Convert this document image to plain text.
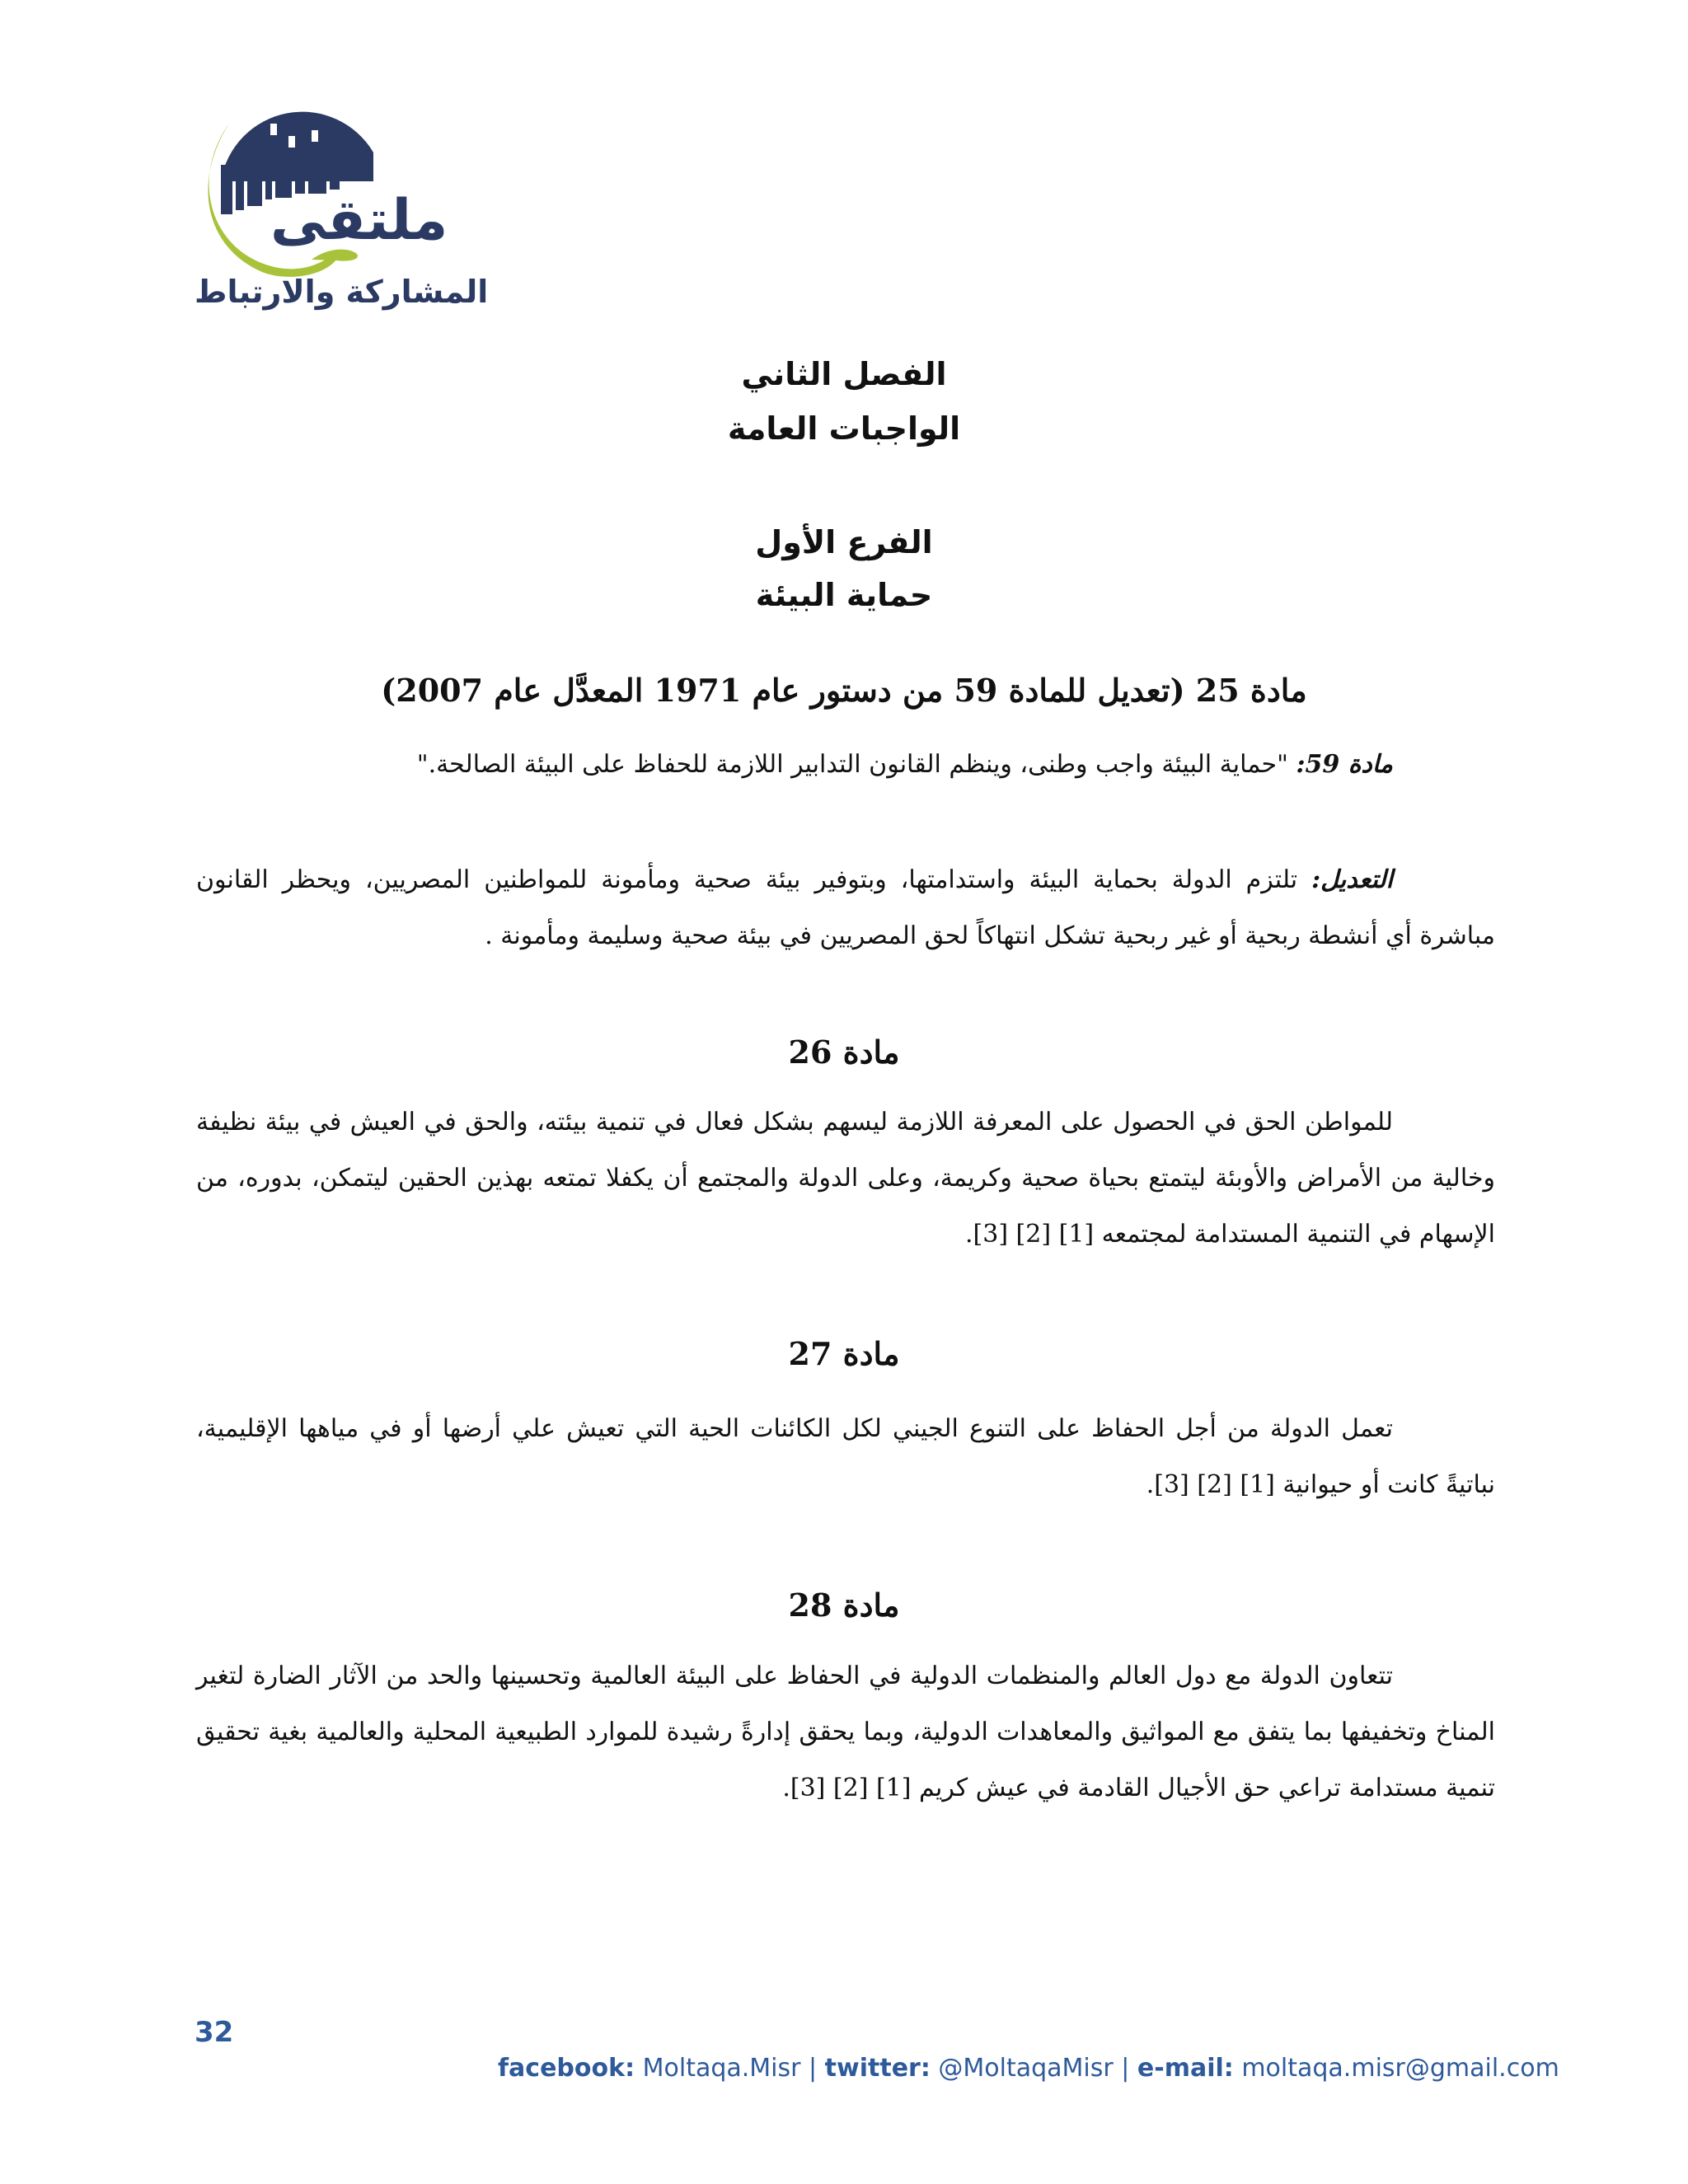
ملتقى
المشاركة والارتباط
الفصل الثاني
الواجبات العامة
الفرع الأول
حماية البيئة
مادة 25 (تعديل للمادة 59 من دستور عام 1971 المعدَّل عام 2007)
مادة 59: "حماية البيئة واجب وطنى، وينظم القانون التدابير اللازمة للحفاظ على البيئة الصالحة."
التعديل: تلتزم الدولة بحماية البيئة واستدامتها، وبتوفير بيئة صحية ومأمونة للمواطنين المصريين، ويحظر القانون مباشرة أي أنشطة ربحية أو غير ربحية تشكل انتهاكاً لحق المصريين في بيئة صحية وسليمة ومأمونة .
مادة 26
للمواطن الحق في الحصول على المعرفة اللازمة ليسهم بشكل فعال في تنمية بيئته، والحق في العيش في بيئة نظيفة وخالية من الأمراض والأوبئة ليتمتع بحياة صحية وكريمة، وعلى الدولة والمجتمع أن يكفلا تمتعه بهذين الحقين ليتمكن، بدوره، من الإسهام في التنمية المستدامة لمجتمعه [1] [2] [3].
مادة 27
تعمل الدولة من أجل الحفاظ على التنوع الجيني لكل الكائنات الحية التي تعيش علي أرضها أو في مياهها الإقليمية، نباتيةً كانت أو حيوانية [1] [2] [3].
مادة 28
تتعاون الدولة مع دول العالم والمنظمات الدولية في الحفاظ على البيئة العالمية وتحسينها والحد من الآثار الضارة لتغير المناخ وتخفيفها بما يتفق مع المواثيق والمعاهدات الدولية، وبما يحقق إدارةً رشيدة للموارد الطبيعية المحلية والعالمية بغية تحقيق تنمية مستدامة تراعي حق الأجيال القادمة في عيش كريم [1] [2] [3].
32
facebook: Moltaqa.Misr | twitter: @MoltaqaMisr | e-mail: moltaqa.misr@gmail.com
